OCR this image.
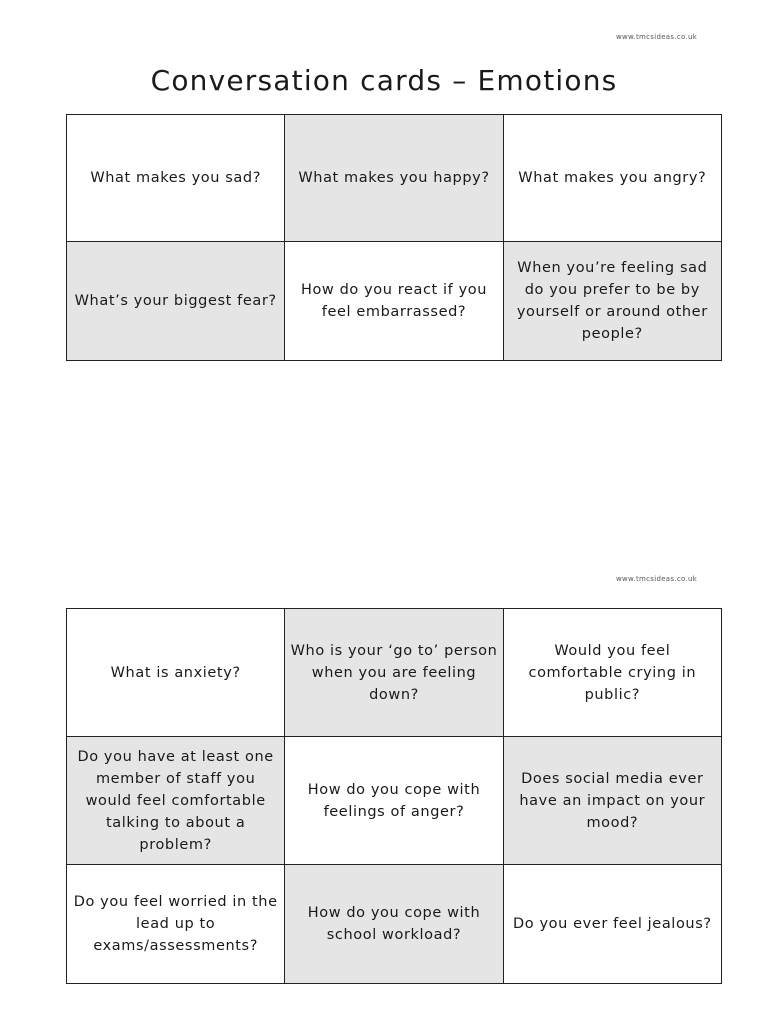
www.tmcsideas.co.uk
Conversation cards – Emotions
What makes you sad?	What makes you happy?	What makes you angry?
What’s your biggest fear?	How do you react if you feel embarrassed?	When you’re feeling sad do you prefer to be by yourself or around other people?
www.tmcsideas.co.uk
What is anxiety?	Who is your ‘go to’ person when you are feeling down?	Would you feel comfortable crying in public?
Do you have at least one member of staff you would feel comfortable talking to about a problem?	How do you cope with feelings of anger?	Does social media ever have an impact on your mood?
Do you feel worried in the lead up to exams/assessments?	How do you cope with school workload?	Do you ever feel jealous?
